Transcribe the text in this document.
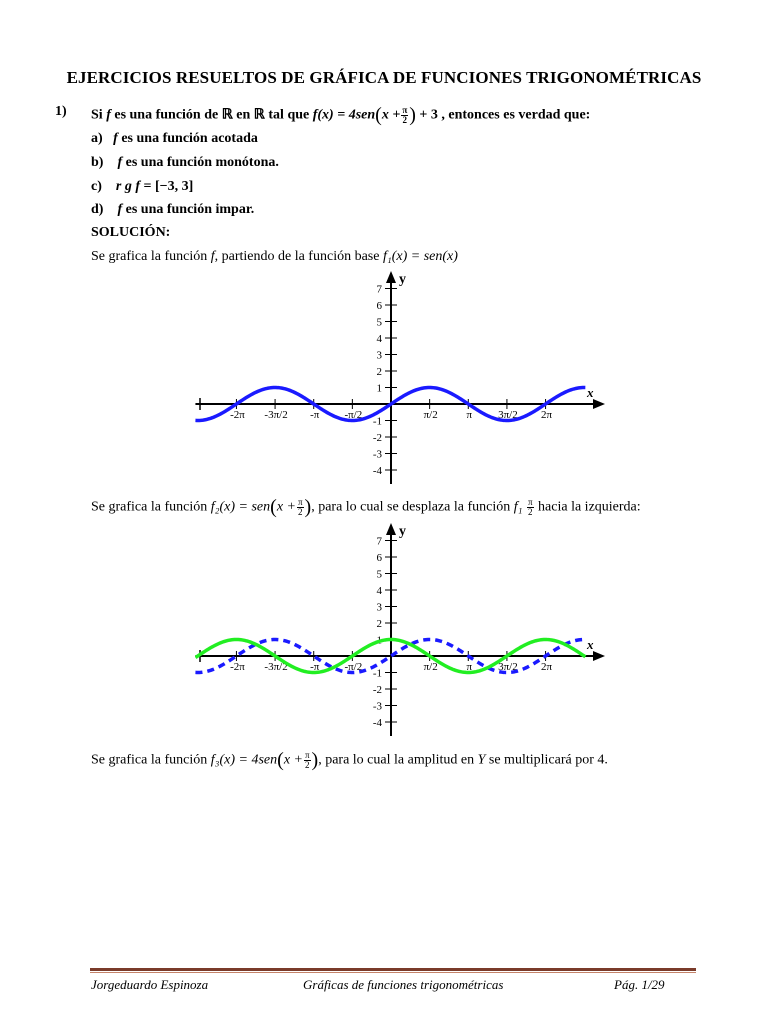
EJERCICIOS RESUELTOS DE GRÁFICA DE FUNCIONES TRIGONOMÉTRICAS
1) Si f es una función de ℝ en ℝ tal que $f(x) = 4sen(x + \frac{\pi}{2}$ ) + 3 , entonces es verdad que:
a) f es una función acotada
b) f es una función monótona.
c) r g f = [−3, 3]
d) f es una función impar.
SOLUCIÓN:
Se grafica la función f, partiendo de la función base f₁(x) = sen(x)
x
y
-2π -3π/2 -π -π/2	π/2	π 3π/2 2π
7
6
5
4
3
2
1
-1
-2
-3
-4
Se grafica la función $f_2(x) = sen(x + \frac{\pi}{2}$ ), para lo cual se desplaza la función $f_1 \frac{\pi}{2}$ hacia la izquierda:
x
y
-2π -3π/2 -π -π/2	π/2	π 3π/2 2π
7
6
5
4
3
2
1
-1
-2
-3
-4
Se grafica la función $f_3(x) = 4sen(x + \frac{\pi}{2}$ ), para lo cual la amplitud en Y se multiplicará por 4.
Jorgeduardo Espinoza	Gráficas de funciones trigonométricas	Pág. 1/29
